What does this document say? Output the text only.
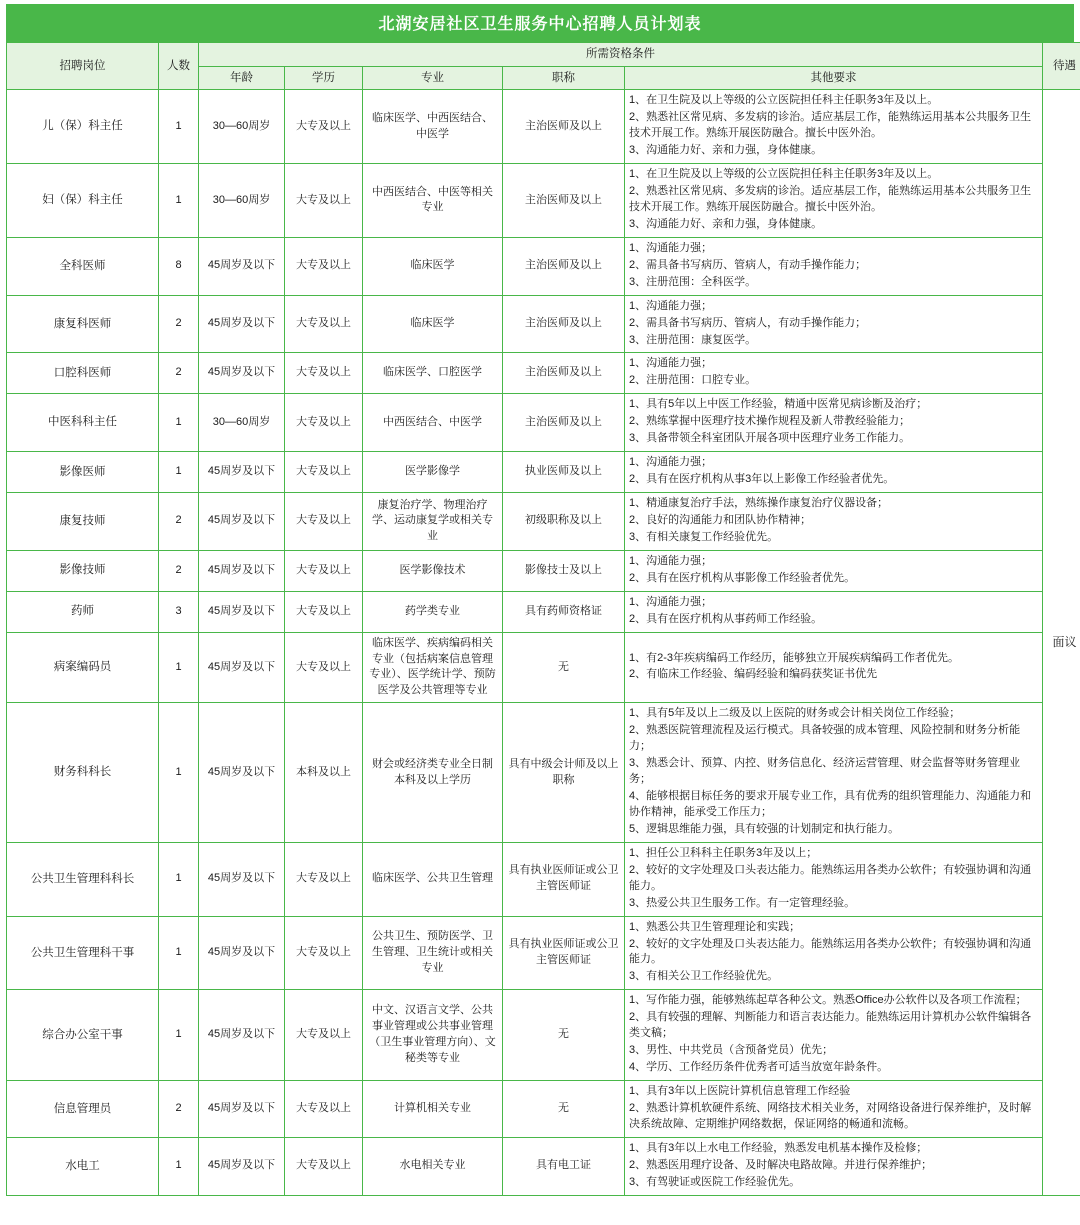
北湖安居社区卫生服务中心招聘人员计划表
招聘岗位	人数	所需资格条件					待遇
		年龄	学历	专业	职称	其他要求	
儿（保）科主任	1	30—60周岁	大专及以上	临床医学、中西医结合、中医学	主治医师及以上	1、在卫生院及以上等级的公立医院担任科主任职务3年及以上。

2、熟悉社区常见病、多发病的诊治。适应基层工作，能熟练运用基本公共服务卫生技术开展工作。熟练开展医防融合。擅长中医外治。

3、沟通能力好、亲和力强，身体健康。	面议
妇（保）科主任	1	30—60周岁	大专及以上	中西医结合、中医等相关专业	主治医师及以上	1、在卫生院及以上等级的公立医院担任科主任职务3年及以上。

2、熟悉社区常见病、多发病的诊治。适应基层工作，能熟练运用基本公共服务卫生技术开展工作。熟练开展医防融合。擅长中医外治。

3、沟通能力好、亲和力强，身体健康。	

全科医师	8	45周岁及以下	大专及以上	临床医学	主治医师及以上	1、沟通能力强；

2、需具备书写病历、管病人，有动手操作能力；

3、注册范围：全科医学。	

康复科医师	2	45周岁及以下	大专及以上	临床医学	主治医师及以上	1、沟通能力强；

2、需具备书写病历、管病人，有动手操作能力；

3、注册范围：康复医学。	

口腔科医师	2	45周岁及以下	大专及以上	临床医学、口腔医学	主治医师及以上	1、沟通能力强；

2、注册范围：口腔专业。	

中医科科主任	1	30—60周岁	大专及以上	中西医结合、中医学	主治医师及以上	1、具有5年以上中医工作经验，精通中医常见病诊断及治疗；

2、熟练掌握中医理疗技术操作规程及新人带教经验能力；

3、具备带领全科室团队开展各项中医理疗业务工作能力。	

影像医师	1	45周岁及以下	大专及以上	医学影像学	执业医师及以上	1、沟通能力强；

2、具有在医疗机构从事3年以上影像工作经验者优先。	

康复技师	2	45周岁及以下	大专及以上	康复治疗学、物理治疗学、运动康复学或相关专业	初级职称及以上	1、精通康复治疗手法，熟练操作康复治疗仪器设备；

2、良好的沟通能力和团队协作精神；

3、有相关康复工作经验优先。	

影像技师	2	45周岁及以下	大专及以上	医学影像技术	影像技士及以上	1、沟通能力强；

2、具有在医疗机构从事影像工作经验者优先。	

药师	3	45周岁及以下	大专及以上	药学类专业	具有药师资格证	1、沟通能力强；

2、具有在医疗机构从事药师工作经验。	

病案编码员	1	45周岁及以下	大专及以上	临床医学、疾病编码相关专业（包括病案信息管理专业）、医学统计学、预防医学及公共管理等专业	无	1、有2-3年疾病编码工作经历，能够独立开展疾病编码工作者优先。

2、有临床工作经验、编码经验和编码获奖证书优先	

财务科科长	1	45周岁及以下	本科及以上	财会或经济类专业全日制本科及以上学历	具有中级会计师及以上职称	1、具有5年及以上二级及以上医院的财务或会计相关岗位工作经验；

2、熟悉医院管理流程及运行模式。具备较强的成本管理、风险控制和财务分析能力；

3、熟悉会计、预算、内控、财务信息化、经济运营管理、财会监督等财务管理业务；

4、能够根据目标任务的要求开展专业工作，具有优秀的组织管理能力、沟通能力和协作精神，能承受工作压力；

5、逻辑思维能力强，具有较强的计划制定和执行能力。	

公共卫生管理科科长	1	45周岁及以下	大专及以上	临床医学、公共卫生管理	具有执业医师证或公卫主管医师证	1、担任公卫科科主任职务3年及以上；

2、较好的文字处理及口头表达能力。能熟练运用各类办公软件；有较强协调和沟通能力。

3、热爱公共卫生服务工作。有一定管理经验。	

公共卫生管理科干事	1	45周岁及以下	大专及以上	公共卫生、预防医学、卫生管理、卫生统计或相关专业	具有执业医师证或公卫主管医师证	1、熟悉公共卫生管理理论和实践；

2、较好的文字处理及口头表达能力。能熟练运用各类办公软件；有较强协调和沟通能力。

3、有相关公卫工作经验优先。	

综合办公室干事	1	45周岁及以下	大专及以上	中文、汉语言文学、公共事业管理或公共事业管理（卫生事业管理方向）、文秘类等专业	无	1、写作能力强，能够熟练起草各种公文。熟悉Office办公软件以及各项工作流程；

2、具有较强的理解、判断能力和语言表达能力。能熟练运用计算机办公软件编辑各类文稿；

3、男性、中共党员（含预备党员）优先；

4、学历、工作经历条件优秀者可适当放宽年龄条件。	

信息管理员	2	45周岁及以下	大专及以上	计算机相关专业	无	1、具有3年以上医院计算机信息管理工作经验

2、熟悉计算机软硬件系统、网络技术相关业务，对网络设备进行保养维护，及时解决系统故障、定期维护网络数据，保证网络的畅通和流畅。	

水电工	1	45周岁及以下	大专及以上	水电相关专业	具有电工证	1、具有3年以上水电工作经验，熟悉发电机基本操作及检修；

2、熟悉医用理疗设备、及时解决电路故障。并进行保养维护；

3、有驾驶证或医院工作经验优先。	
